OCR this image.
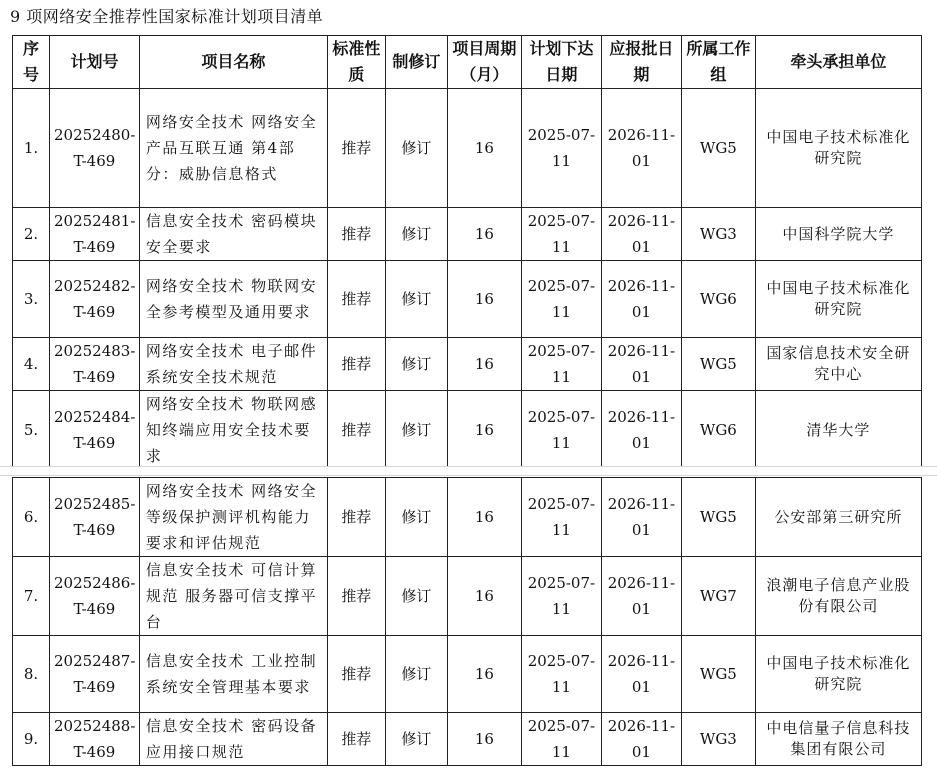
9 项网络安全推荐性国家标准计划项目清单
序号	计划号	项目名称	标准性质	制修订	项目周期（月）	计划下达日期	应报批日期	所属工作组	牵头承担单位
1.	20252480-T-469	网络安全技术 网络安全产品互联互通 第4部分：威胁信息格式	推荐	修订	16	2025-07-11	2026-11-01	WG5	中国电子技术标准化研究院
2.	20252481-T-469	信息安全技术 密码模块安全要求	推荐	修订	16	2025-07-11	2026-11-01	WG3	中国科学院大学
3.	20252482-T-469	网络安全技术 物联网安全参考模型及通用要求	推荐	修订	16	2025-07-11	2026-11-01	WG6	中国电子技术标准化研究院
4.	20252483-T-469	网络安全技术 电子邮件系统安全技术规范	推荐	修订	16	2025-07-11	2026-11-01	WG5	国家信息技术安全研究中心
5.	20252484-T-469	网络安全技术 物联网感知终端应用安全技术要求	推荐	修订	16	2025-07-11	2026-11-01	WG6	清华大学
6.	20252485-T-469	网络安全技术 网络安全等级保护测评机构能力要求和评估规范	推荐	修订	16	2025-07-11	2026-11-01	WG5	公安部第三研究所
7.	20252486-T-469	信息安全技术 可信计算规范 服务器可信支撑平台	推荐	修订	16	2025-07-11	2026-11-01	WG7	浪潮电子信息产业股份有限公司
8.	20252487-T-469	信息安全技术 工业控制系统安全管理基本要求	推荐	修订	16	2025-07-11	2026-11-01	WG5	中国电子技术标准化研究院
9.	20252488-T-469	信息安全技术 密码设备应用接口规范	推荐	修订	16	2025-07-11	2026-11-01	WG3	中电信量子信息科技集团有限公司
